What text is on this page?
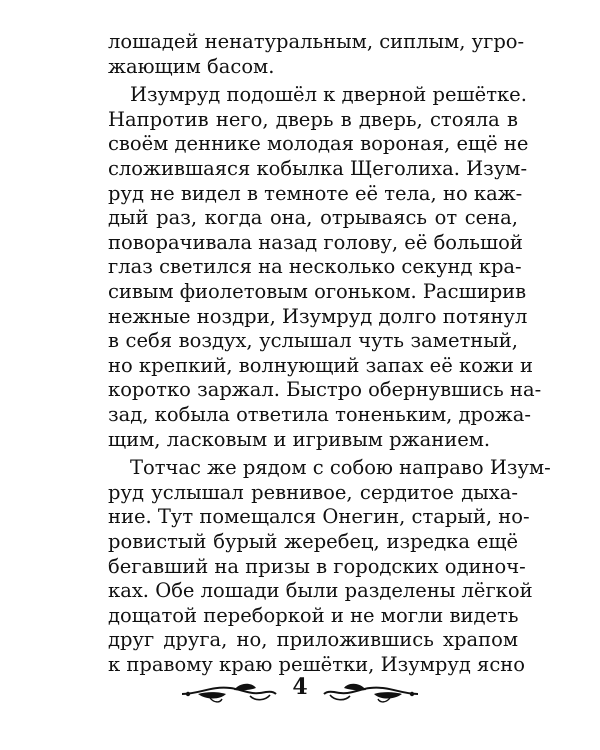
лошадей ненатуральным, сиплым, угро-
жающим басом.
Изумруд подошёл к дверной решётке.
Напротив него, дверь в дверь, стояла в
своём деннике молодая вороная, ещё не
сложившаяся кобылка Щеголиха. Изум-
руд не видел в темноте её тела, но каж-
дый раз, когда она, отрываясь от сена,
поворачивала назад голову, её большой
глаз светился на несколько секунд кра-
сивым фиолетовым огоньком. Расширив
нежные ноздри, Изумруд долго потянул
в себя воздух, услышал чуть заметный,
но крепкий, волнующий запах её кожи и
коротко заржал. Быстро обернувшись на-
зад, кобыла ответила тоненьким, дрожа-
щим, ласковым и игривым ржанием.
Тотчас же рядом с собою направо Изум-
руд услышал ревнивое, сердитое дыха-
ние. Тут помещался Онегин, старый, но-
ровистый бурый жеребец, изредка ещё
бегавший на призы в городских одиноч-
ках. Обе лошади были разделены лёгкой
дощатой переборкой и не могли видеть
друг друга, но, приложившись храпом
к правому краю решётки, Изумруд ясно
4
